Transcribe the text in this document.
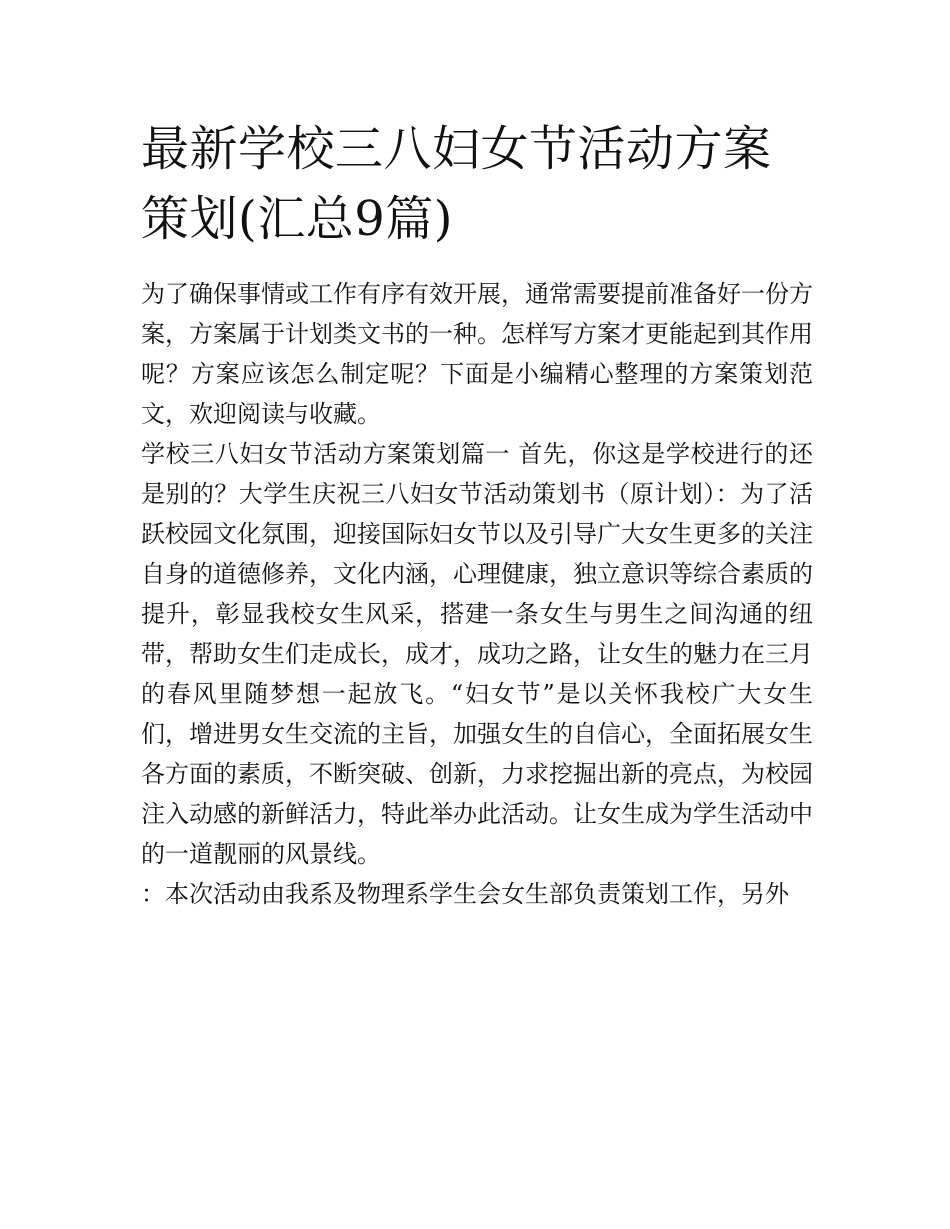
最新学校三八妇女节活动方案策划(汇总9篇)

为了确保事情或工作有序有效开展，通常需要提前准备好一份方案，方案属于计划类文书的一种。怎样写方案才更能起到其作用呢？方案应该怎么制定呢？下面是小编精心整理的方案策划范文，欢迎阅读与收藏。

学校三八妇女节活动方案策划篇一 首先，你这是学校进行的还是别的？大学生庆祝三八妇女节活动策划书（原计划）：为了活跃校园文化氛围，迎接国际妇女节以及引导广大女生更多的关注自身的道德修养，文化内涵，心理健康，独立意识等综合素质的提升，彰显我校女生风采，搭建一条女生与男生之间沟通的纽带，帮助女生们走成长，成才，成功之路，让女生的魅力在三月的春风里随梦想一起放飞。“妇女节”是以关怀我校广大女生们，增进男女生交流的主旨，加强女生的自信心，全面拓展女生各方面的素质，不断突破、创新，力求挖掘出新的亮点，为校园注入动感的新鲜活力，特此举办此活动。让女生成为学生活动中的一道靓丽的风景线。

：本次活动由我系及物理系学生会女生部负责策划工作，另外
